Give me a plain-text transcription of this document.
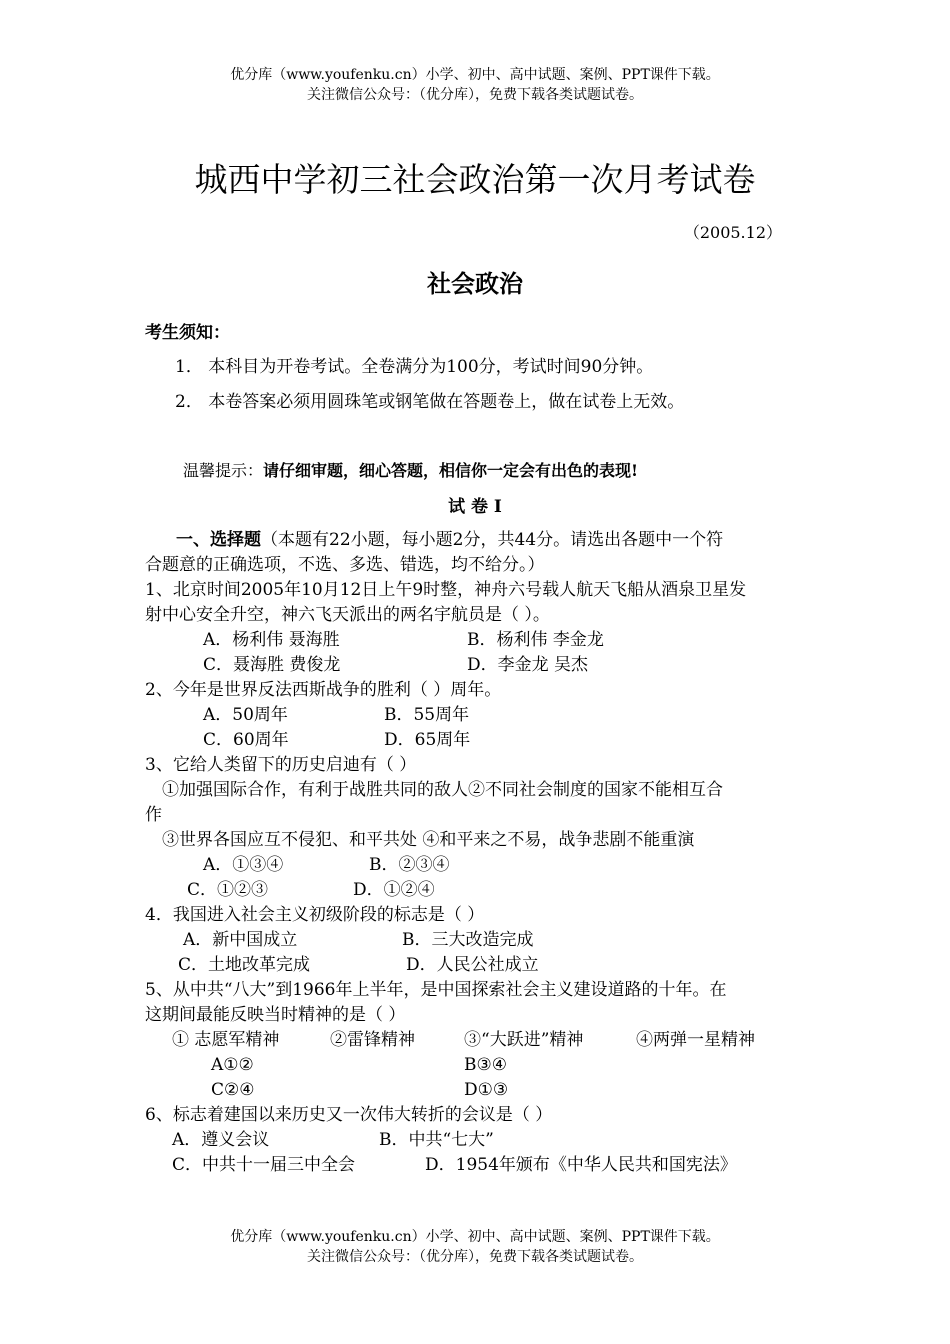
优分库（www.youfenku.cn）小学、初中、高中试题、案例、PPT课件下载。
关注微信公众号：（优分库），免费下载各类试题试卷。
城西中学初三社会政治第一次月考试卷
（2005.12）
社会政治
考生须知：
1． 本科目为开卷考试。全卷满分为100分，考试时间90分钟。
2． 本卷答案必须用圆珠笔或钢笔做在答题卷上，做在试卷上无效。
温馨提示：请仔细审题，细心答题，相信你一定会有出色的表现!
试 卷 Ⅰ
一、选择题（本题有22小题，每小题2分，共44分。请选出各题中一个符
合题意的正确选项，不选、多选、错选，均不给分。）
1、北京时间2005年10月12日上午9时整，神舟六号载人航天飞船从酒泉卫星发
射中心安全升空，神六飞天派出的两名宇航员是（ ）。
A．杨利伟 聂海胜	B．杨利伟 李金龙
C．聂海胜 费俊龙	D．李金龙 吴杰
2、今年是世界反法西斯战争的胜利（ ）周年。
A．50周年	B．55周年
C．60周年	D．65周年
3、它给人类留下的历史启迪有（ ）
①加强国际合作，有利于战胜共同的敌人②不同社会制度的国家不能相互合
作
③世界各国应互不侵犯、和平共处 ④和平来之不易，战争悲剧不能重演
A．①③④	B．②③④
C．①②③	D．①②④
4．我国进入社会主义初级阶段的标志是（ ）
A．新中国成立	B．三大改造完成
C．土地改革完成	D．人民公社成立
5、从中共“八大”到1966年上半年，是中国探索社会主义建设道路的十年。在
这期间最能反映当时精神的是（ ）
① 志愿军精神	②雷锋精神	③“大跃进”精神	④两弹一星精神
A①②	B③④
C②④	D①③
6、标志着建国以来历史又一次伟大转折的会议是（ ）
A．遵义会议	B．中共“七大”
C．中共十一届三中全会	D．1954年颁布《中华人民共和国宪法》
优分库（www.youfenku.cn）小学、初中、高中试题、案例、PPT课件下载。
关注微信公众号：（优分库），免费下载各类试题试卷。
